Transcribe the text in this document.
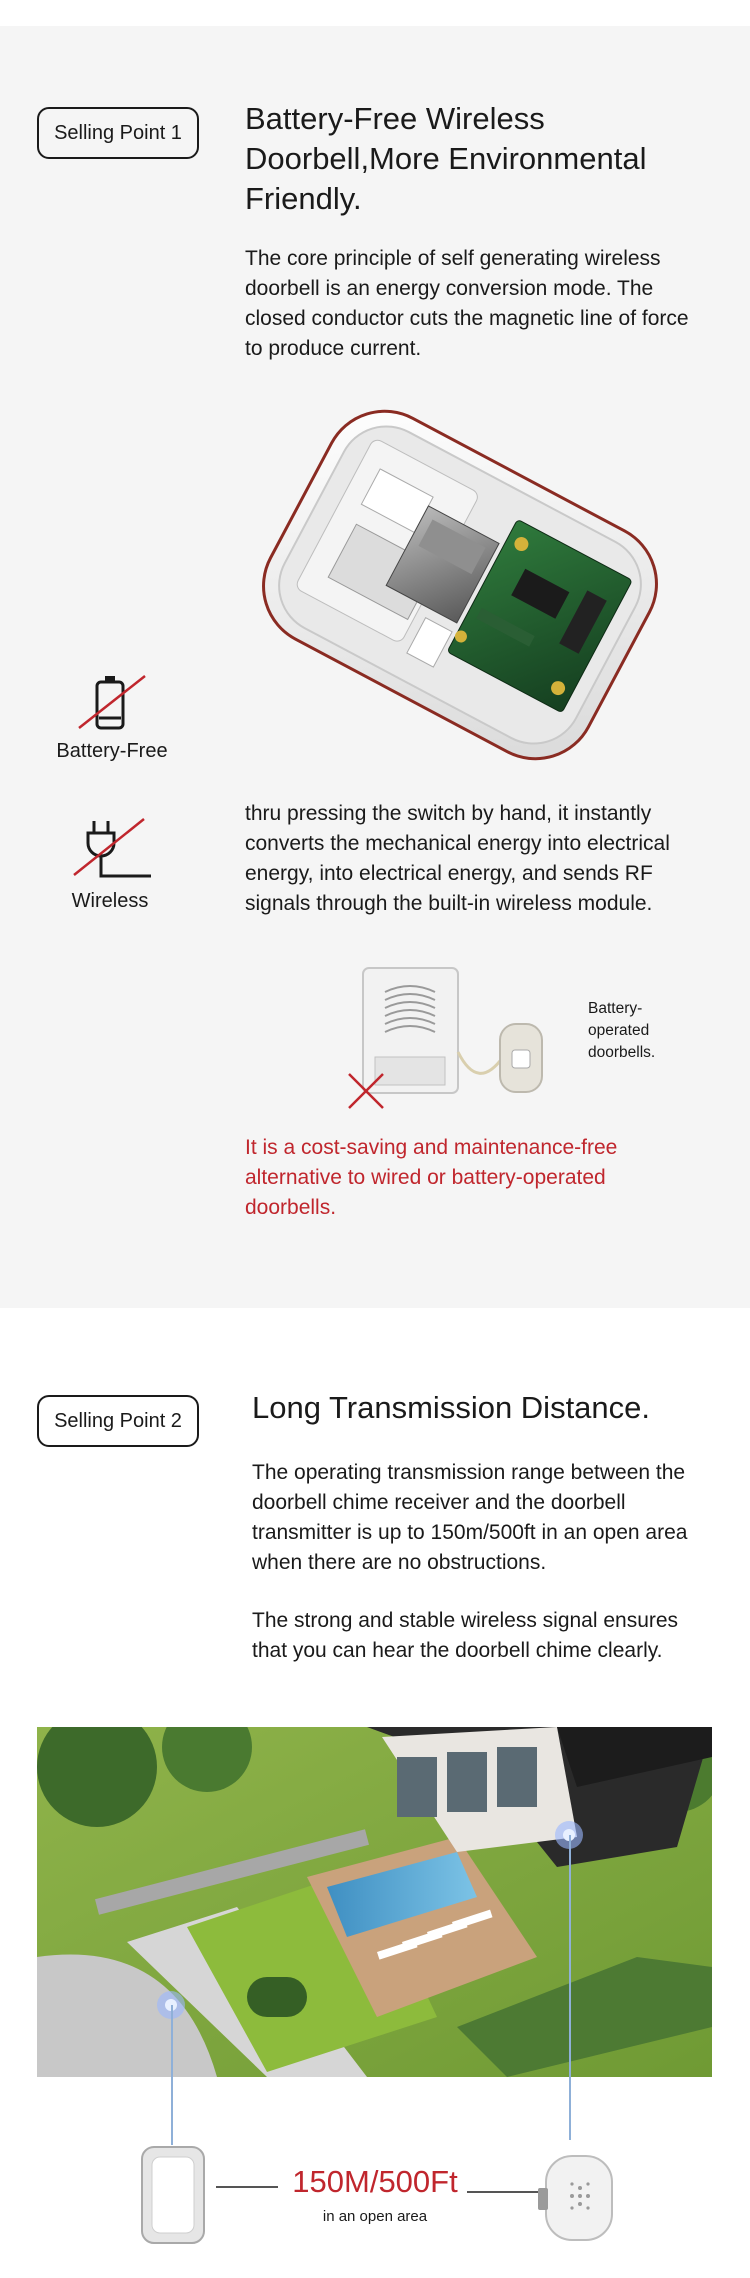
Selling Point 1	Battery-Free Wireless Doorbell,More Environmental Friendly.
The core principle of self generating wireless doorbell is an energy conversion mode. The closed conductor cuts the magnetic line of force to produce current.
Battery-Free
Wireless
thru pressing the switch by hand, it instantly converts the mechanical energy into electrical energy, into electrical energy, and sends RF signals through the built-in wireless module.
Battery-operated doorbells.
It is a cost-saving and maintenance-free alternative to wired or battery-operated doorbells.
Selling Point 2	Long Transmission Distance.
The operating transmission range between the doorbell chime receiver and the doorbell transmitter is up to 150m/500ft in an open area when there are no obstructions.
The strong and stable wireless signal ensures that you can hear the doorbell chime clearly.
150M/500Ft
in an open area
